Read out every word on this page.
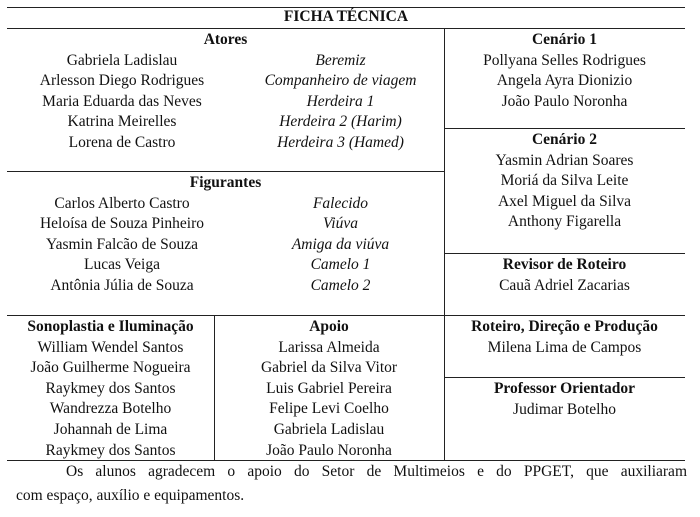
FICHA TÉCNICA
Atores
Gabriela Ladislau	Beremiz
Arlesson Diego Rodrigues	Companheiro de viagem
Maria Eduarda das Neves	Herdeira 1
Katrina Meirelles	Herdeira 2 (Harim)
Lorena de Castro	Herdeira 3 (Hamed)
Figurantes
Carlos Alberto Castro	Falecido
Heloísa de Souza Pinheiro	Viúva
Yasmin Falcão de Souza	Amiga da viúva
Lucas Veiga	Camelo 1
Antônia Júlia de Souza	Camelo 2
Sonoplastia e Iluminação
William Wendel Santos
João Guilherme Nogueira
Raykmey dos Santos
Wandrezza Botelho
Johannah de Lima
Raykmey dos Santos
Apoio
Larissa Almeida
Gabriel da Silva Vitor
Luis Gabriel Pereira
Felipe Levi Coelho
Gabriela Ladislau
João Paulo Noronha
Cenário 1
Pollyana Selles Rodrigues
Angela Ayra Dionizio
João Paulo Noronha
Cenário 2
Yasmin Adrian Soares
Moriá da Silva Leite
Axel Miguel da Silva
Anthony Figarella
Revisor de Roteiro
Cauã Adriel Zacarias
Roteiro, Direção e Produção
Milena Lima de Campos
Professor Orientador
Judimar Botelho
Os alunos agradecem o apoio do Setor de Multimeios e do PPGET, que auxiliaram
com espaço, auxílio e equipamentos.
